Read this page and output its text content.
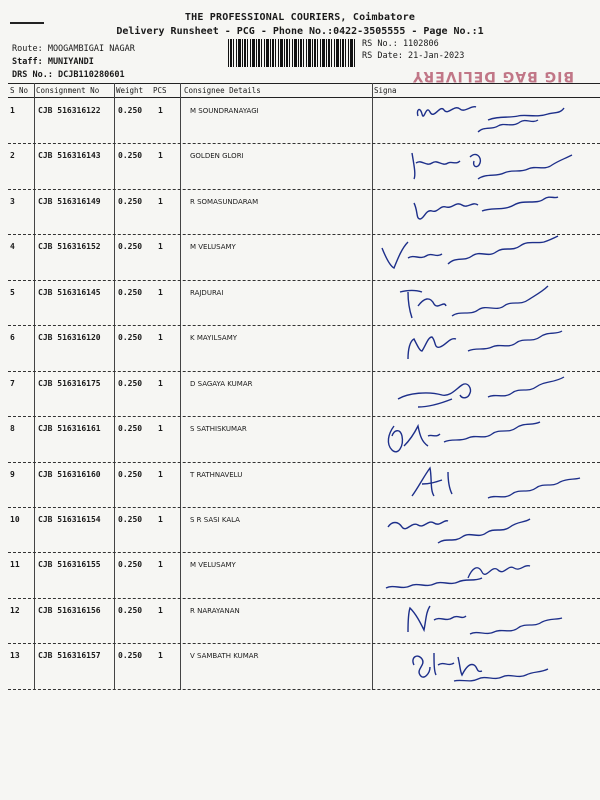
THE PROFESSIONAL COURIERS, Coimbatore
Delivery Runsheet - PCG - Phone No.:0422-3505555 - Page No.:1
Route: MOOGAMBIGAI NAGAR
Staff: MUNIYANDI
DRS No.: DCJB110280601
RS No.: 1102806
RS Date: 21-Jan-2023
BIG BAG DELIVERY
S No Consignment No Weight PCS Consignee Details	Signa
1	CJB 516316122 0.250 1	M SOUNDRANAYAGI
2	CJB 516316143 0.250 1	GOLDEN GLORI
3	CJB 516316149 0.250 1	R SOMASUNDARAM
4	CJB 516316152 0.250 1	M VELUSAMY
5	CJB 516316145 0.250 1	RAJDURAI
6	CJB 516316120 0.250 1	K MAYILSAMY
7	CJB 516316175 0.250 1	D SAGAYA KUMAR
8	CJB 516316161 0.250 1	S SATHISKUMAR
9	CJB 516316160 0.250 1	T RATHNAVELU
10 CJB 516316154 0.250 1	S R SASI KALA
11 CJB 516316155 0.250 1	M VELUSAMY
12 CJB 516316156 0.250 1	R NARAYANAN
13 CJB 516316157 0.250 1	V SAMBATH KUMAR
